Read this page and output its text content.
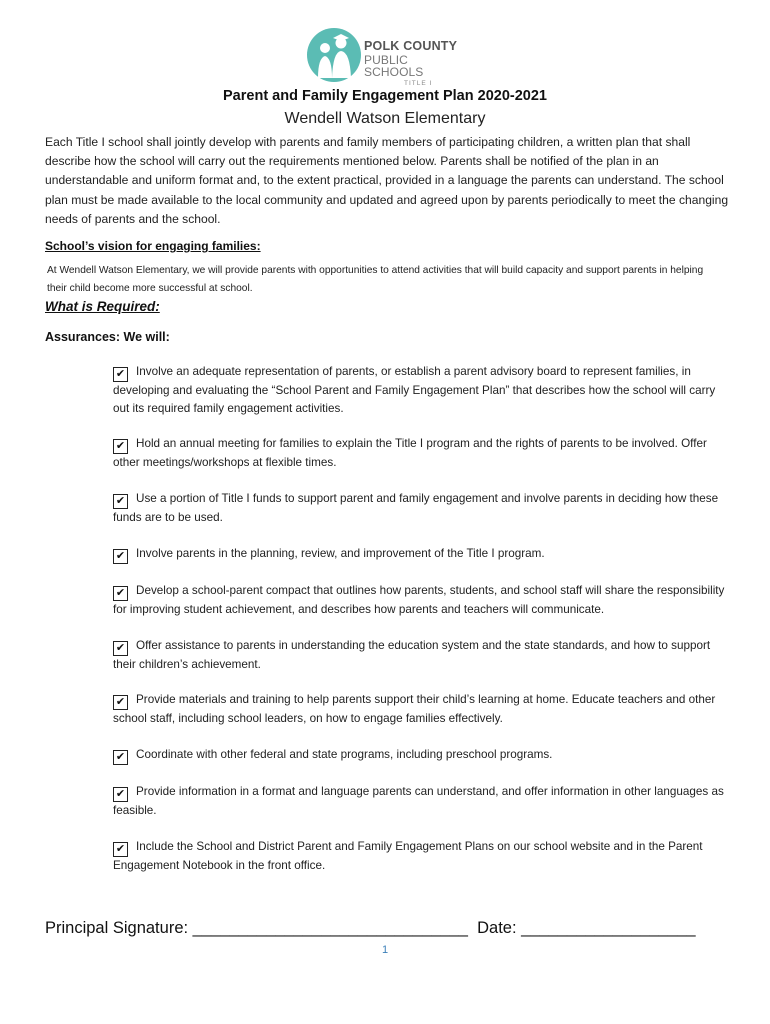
POLK COUNTY
PUBLIC SCHOOLS
TITLE I
Parent and Family Engagement Plan 2020-2021
Wendell Watson Elementary
Each Title I school shall jointly develop with parents and family members of participating children, a written plan that shall describe how the school will carry out the requirements mentioned below. Parents shall be notified of the plan in an understandable and uniform format and, to the extent practical, provided in a language the parents can understand. The school plan must be made available to the local community and updated and agreed upon by parents periodically to meet the changing needs of parents and the school.
School’s vision for engaging families:
At Wendell Watson Elementary, we will provide parents with opportunities to attend activities that will build capacity and support parents in helping their child become more successful at school.
What is Required:
Assurances: We will:
✔ Involve an adequate representation of parents, or establish a parent advisory board to represent families, in developing and evaluating the “School Parent and Family Engagement Plan” that describes how the school will carry out its required family engagement activities.
✔ Hold an annual meeting for families to explain the Title I program and the rights of parents to be involved. Offer other meetings/workshops at flexible times.
✔ Use a portion of Title I funds to support parent and family engagement and involve parents in deciding how these funds are to be used.
✔ Involve parents in the planning, review, and improvement of the Title I program.
✔ Develop a school-parent compact that outlines how parents, students, and school staff will share the responsibility for improving student achievement, and describes how parents and teachers will communicate.
✔ Offer assistance to parents in understanding the education system and the state standards, and how to support their children’s achievement.
✔ Provide materials and training to help parents support their child’s learning at home. Educate teachers and other school staff, including school leaders, on how to engage families effectively.
✔ Coordinate with other federal and state programs, including preschool programs.
✔ Provide information in a format and language parents can understand, and offer information in other languages as feasible.
✔ Include the School and District Parent and Family Engagement Plans on our school website and in the Parent Engagement Notebook in the front office.
Principal Signature: ______________________________  Date: ___________________
1
